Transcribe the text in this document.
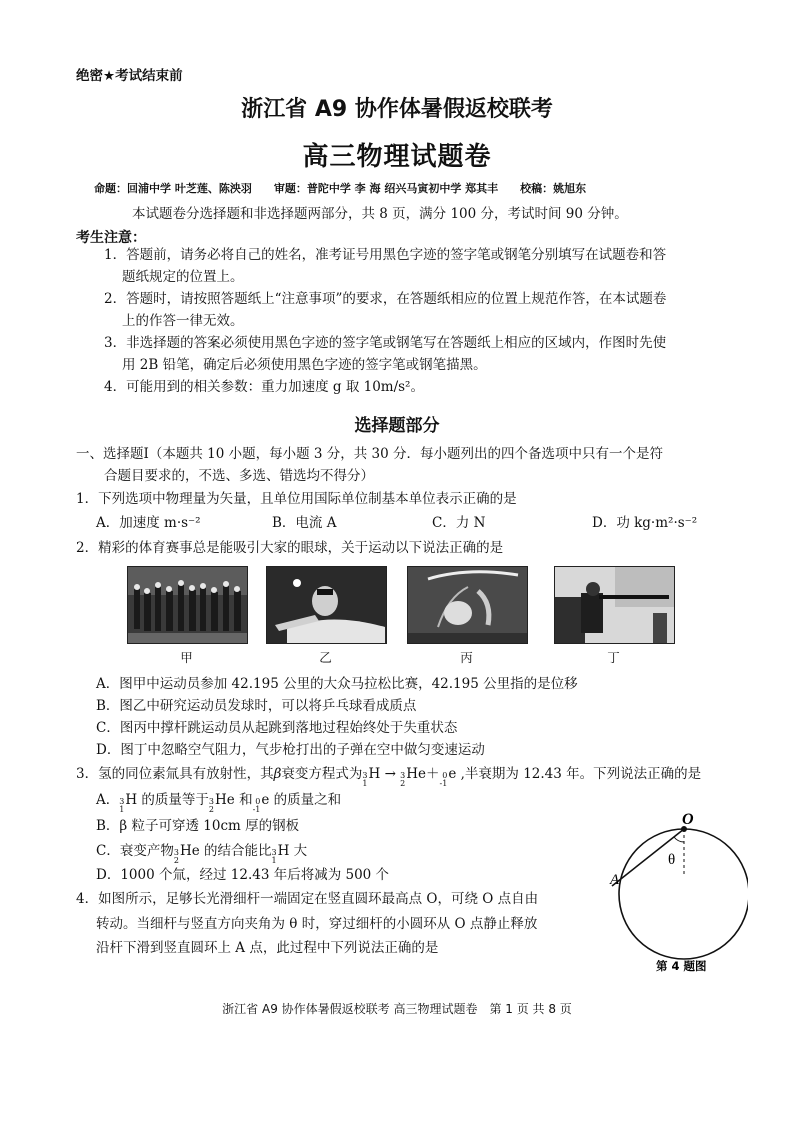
绝密★考试结束前
浙江省 A9 协作体暑假返校联考
高三物理试题卷
命题：回浦中学 叶芝莲、陈泱羽 审题：普陀中学 李 海 绍兴马寅初中学 郑其丰 校稿：姚旭东
本试题卷分选择题和非选择题两部分，共 8 页，满分 100 分，考试时间 90 分钟。
考生注意：
1．答题前，请务必将自己的姓名，准考证号用黑色字迹的签字笔或钢笔分别填写在试题卷和答
题纸规定的位置上。
2．答题时，请按照答题纸上“注意事项”的要求，在答题纸相应的位置上规范作答，在本试题卷
上的作答一律无效。
3．非选择题的答案必须使用黑色字迹的签字笔或钢笔写在答题纸上相应的区域内，作图时先使
用 2B 铅笔，确定后必须使用黑色字迹的签字笔或钢笔描黑。
4．可能用到的相关参数：重力加速度 g 取 10m/s²。
选择题部分
一、选择题Ⅰ（本题共 10 小题，每小题 3 分，共 30 分．每小题列出的四个备选项中只有一个是符
合题目要求的，不选、多选、错选均不得分）
1．下列选项中物理量为矢量，且单位用国际单位制基本单位表示正确的是
A．加速度 m·s⁻²	B．电流 A	C．力 N	D．功 kg·m²·s⁻²
2．精彩的体育赛事总是能吸引大家的眼球，关于运动以下说法正确的是
甲	乙	丙	丁
A．图甲中运动员参加 42.195 公里的大众马拉松比赛，42.195 公里指的是位移
B．图乙中研究运动员发球时，可以将乒乓球看成质点
C．图丙中撑杆跳运动员从起跳到落地过程始终处于失重状态
D．图丁中忽略空气阻力，气步枪打出的子弹在空中做匀变速运动
3．氢的同位素氚具有放射性，其β衰变方程式为 3
1
H → 3
2
He＋ 0
-1
e ,半衰期为 12.43 年。下列说法正确的是
A． 3
1
H 的质量等于 3
2
He 和 0
-1
e 的质量之和
B．β 粒子可穿透 10cm 厚的钢板
C．衰变产物 3
2
He 的结合能比 3
1
H 大
D．1000 个氚，经过 12.43 年后将减为 500 个
4．如图所示，足够长光滑细杆一端固定在竖直圆环最高点 O，可绕 O 点自由
转动。当细杆与竖直方向夹角为 θ 时，穿过细杆的小圆环从 O 点静止释放
沿杆下滑到竖直圆环上 A 点，此过程中下列说法正确的是
O
A
θ
第 4 题图
浙江省 A9 协作体暑假返校联考 高三物理试题卷　第 1 页 共 8 页
